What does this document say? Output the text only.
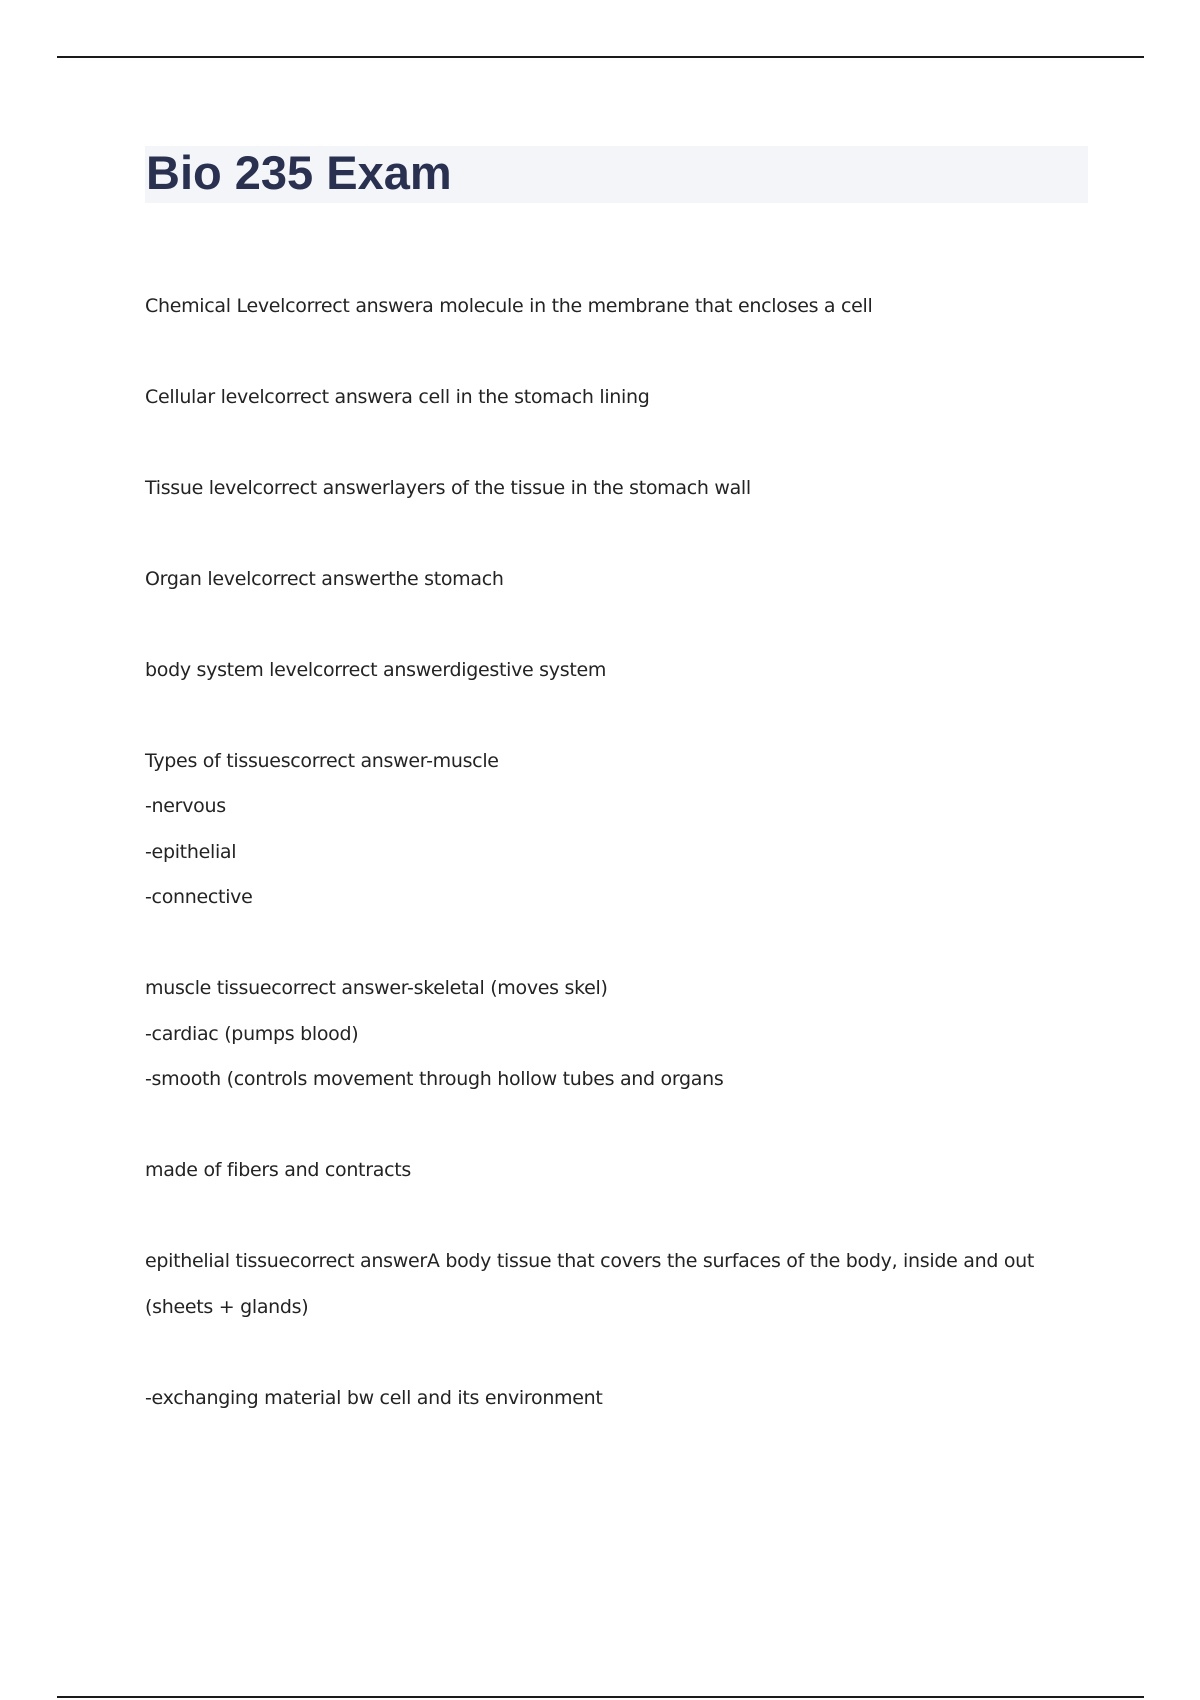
Bio 235 Exam
Chemical Levelcorrect answera molecule in the membrane that encloses a cell
Cellular levelcorrect answera cell in the stomach lining
Tissue levelcorrect answerlayers of the tissue in the stomach wall
Organ levelcorrect answerthe stomach
body system levelcorrect answerdigestive system
Types of tissuescorrect answer-muscle
-nervous
-epithelial
-connective
muscle tissuecorrect answer-skeletal (moves skel)
-cardiac (pumps blood)
-smooth (controls movement through hollow tubes and organs
made of fibers and contracts
epithelial tissuecorrect answerA body tissue that covers the surfaces of the body, inside and out
(sheets + glands)
-exchanging material bw cell and its environment
